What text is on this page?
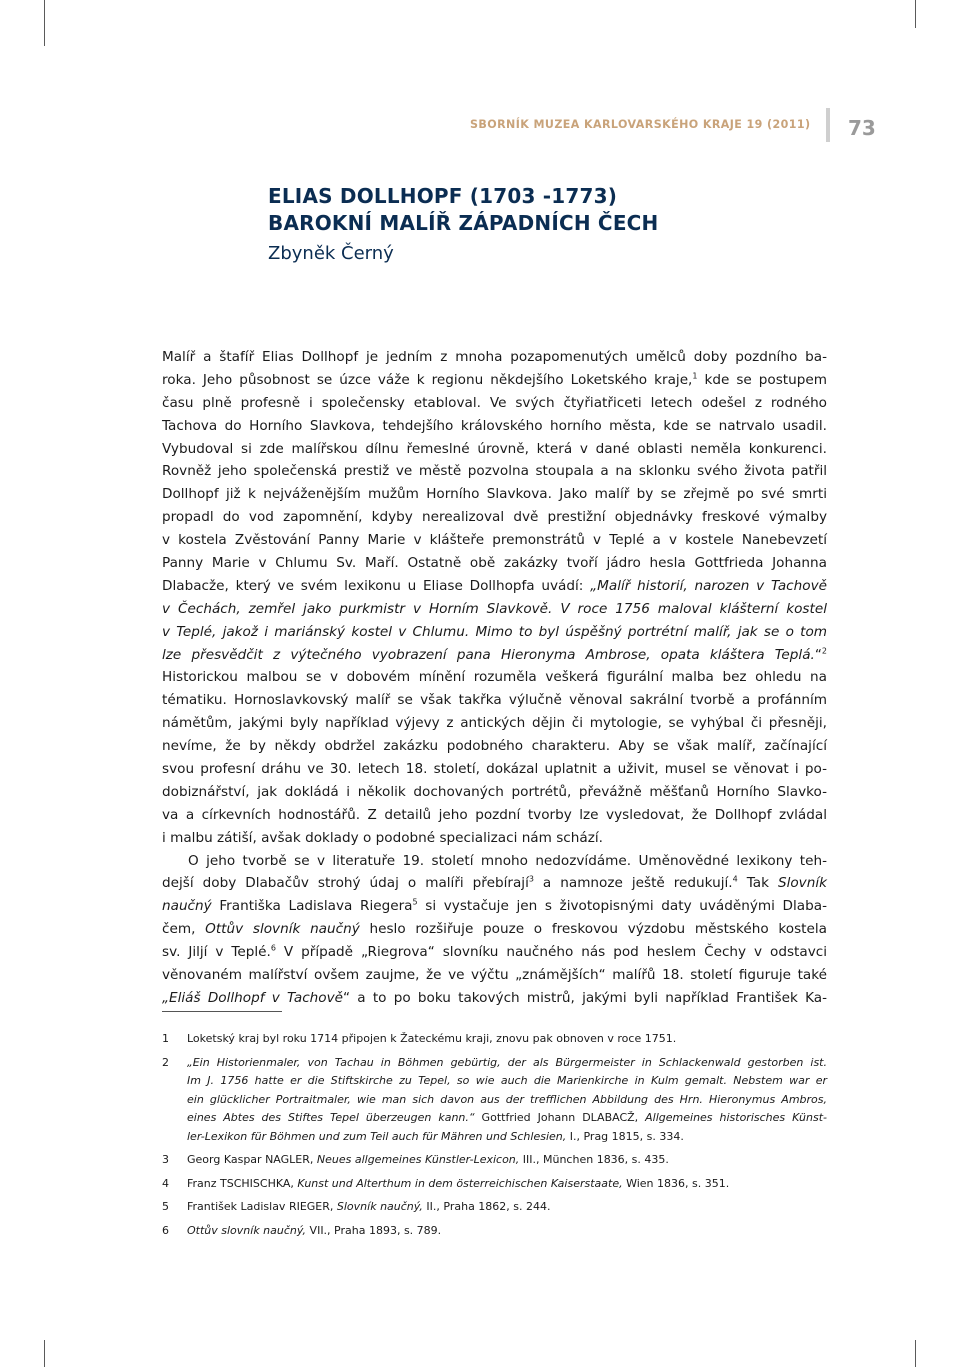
SBORNÍK MUZEA KARLOVARSKÉHO KRAJE 19 (2011) 73
ELIAS DOLLHOPF (1703 -1773)
BAROKNÍ MALÍŘ ZÁPADNÍCH ČECH
Zbyněk Černý
Malíř a štafíř Elias Dollhopf je jedním z mnoha pozapomenutých umělců doby pozdního ba-
roka. Jeho působnost se úzce váže k regionu někdejšího Loketského kraje,$^1$ kde se postupem
času plně profesně i společensky etabloval. Ve svých čtyřiatřiceti letech odešel z rodného
Tachova do Horního Slavkova, tehdejšího královského horního města, kde se natrvalo usadil.
Vybudoval si zde malířskou dílnu řemeslné úrovně, která v dané oblasti neměla konkurenci.
Rovněž jeho společenská prestiž ve městě pozvolna stoupala a na sklonku svého života patřil
Dollhopf již k nejváženějším mužům Horního Slavkova. Jako malíř by se zřejmě po své smrti
propadl do vod zapomnění, kdyby nerealizoval dvě prestižní objednávky freskové výmalby
v kostela Zvěstování Panny Marie v klášteře premonstrátů v Teplé a v kostele Nanebevzetí
Panny Marie v Chlumu Sv. Maří. Ostatně obě zakázky tvoří jádro hesla Gottfrieda Johanna
Dlabacže, který ve svém lexikonu u Eliase Dollhopfa uvádí: „Malíř historií, narozen v Tachově
v Čechách, zemřel jako purkmistr v Horním Slavkově. V roce 1756 maloval klášterní kostel
v Teplé, jakož i mariánský kostel v Chlumu. Mimo to byl úspěšný portrétní malíř, jak se o tom
lze přesvědčit z výtečného vyobrazení pana Hieronyma Ambrose, opata kláštera Teplá.“$^2$
Historickou malbou se v dobovém mínění rozuměla veškerá figurální malba bez ohledu na
tématiku. Hornoslavkovský malíř se však takřka výlučně věnoval sakrální tvorbě a profánním
námětům, jakými byly například výjevy z antických dějin či mytologie, se vyhýbal či přesněji,
nevíme, že by někdy obdržel zakázku podobného charakteru. Aby se však malíř, začínající
svou profesní dráhu ve 30. letech 18. století, dokázal uplatnit a uživit, musel se věnovat i po-
dobiznářství, jak dokládá i několik dochovaných portrétů, převážně měšťanů Horního Slavko-
va a církevních hodnostářů. Z detailů jeho pozdní tvorby lze vysledovat, že Dollhopf zvládal
i malbu zátiší, avšak doklady o podobné specializaci nám schází.
O jeho tvorbě se v literatuře 19. století mnoho nedozvídáme. Uměnovědné lexikony teh-
dejší doby Dlabačův strohý údaj o malíři přebírají$^3$ a namnoze ještě redukují.$^4$ Tak Slovník
naučný Františka Ladislava Riegera$^5$ si vystačuje jen s životopisnými daty uváděnými Dlaba-
čem, Ottův slovník naučný heslo rozšiřuje pouze o freskovou výzdobu městského kostela
sv. Jiljí v Teplé.$^6$ V případě „Riegrova“ slovníku naučného nás pod heslem Čechy v odstavci
věnovaném malířství ovšem zaujme, že ve výčtu „známějších“ malířů 18. století figuruje také
„Eliáš Dollhopf v Tachově“ a to po boku takových mistrů, jakými byli například František Ka-
1 Loketský kraj byl roku 1714 připojen k Žateckému kraji, znovu pak obnoven v roce 1751.
2 „Ein Historienmaler, von Tachau in Böhmen gebürtig, der als Bürgermeister in Schlackenwald gestorben ist.
Im J. 1756 hatte er die Stiftskirche zu Tepel, so wie auch die Marienkirche in Kulm gemalt. Nebstem war er
ein glücklicher Portraitmaler, wie man sich davon aus der trefflichen Abbildung des Hrn. Hieronymus Ambros,
eines Abtes des Stiftes Tepel überzeugen kann.“ Gottfried Johann DLABACŽ, Allgemeines historisches Künst-
ler-Lexikon für Böhmen und zum Teil auch für Mähren und Schlesien, I., Prag 1815, s. 334.
3 Georg Kaspar NAGLER, Neues allgemeines Künstler-Lexicon, III., München 1836, s. 435.
4 Franz TSCHISCHKA, Kunst und Alterthum in dem österreichischen Kaiserstaate, Wien 1836, s. 351.
5 František Ladislav RIEGER, Slovník naučný, II., Praha 1862, s. 244.
6 Ottův slovník naučný, VII., Praha 1893, s. 789.
